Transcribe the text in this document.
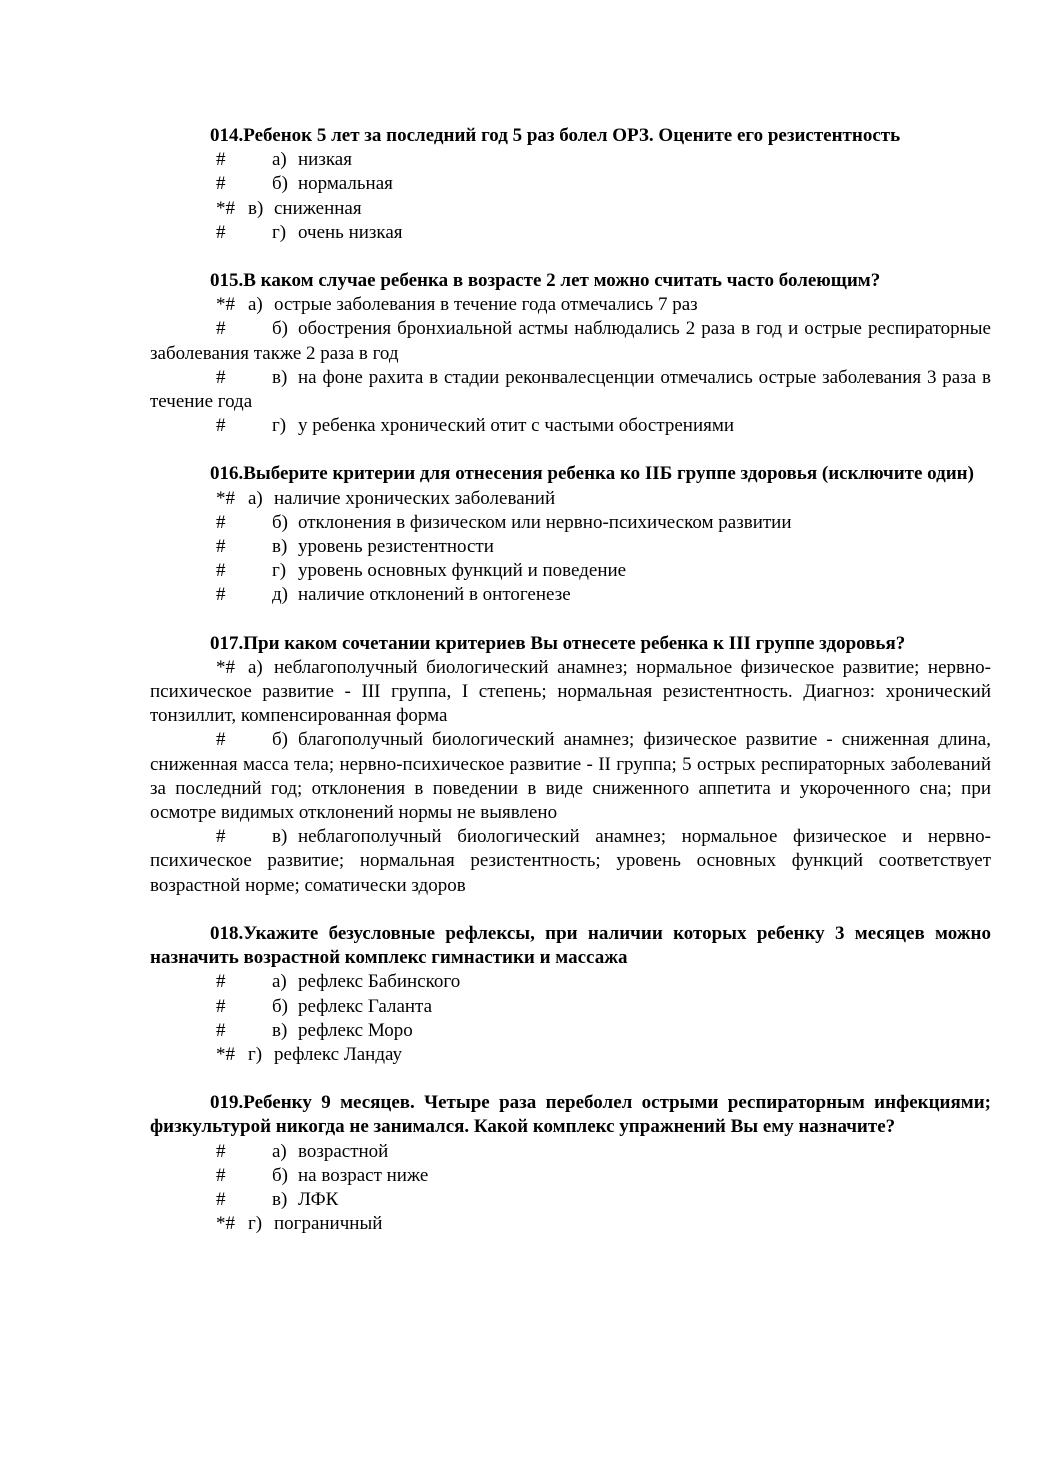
014.Ребенок 5 лет за последний год 5 раз болел ОРЗ. Оцените его резистентность
# а) низкая
# б) нормальная
*# в) сниженная
# г) очень низкая
015.В каком случае ребенка в возрасте 2 лет можно считать часто болеющим?
*# а) острые заболевания в течение года отмечались 7 раз
# б) обострения бронхиальной астмы наблюдались 2 раза в год и острые респираторные заболевания также 2 раза в год
# в) на фоне рахита в стадии реконвалесценции отмечались острые заболевания 3 раза в течение года
# г) у ребенка хронический отит с частыми обострениями
016.Выберите критерии для отнесения ребенка ко IIБ группе здоровья (исключите один)
*# а) наличие хронических заболеваний
# б) отклонения в физическом или нервно-психическом развитии
# в) уровень резистентности
# г) уровень основных функций и поведение
# д) наличие отклонений в онтогенезе
017.При каком сочетании критериев Вы отнесете ребенка к III группе здоровья?
*# а) неблагополучный биологический анамнез; нормальное физическое развитие; нервно-психическое развитие - III группа, I степень; нормальная резистентность. Диагноз: хронический тонзиллит, компенсированная форма
# б) благополучный биологический анамнез; физическое развитие - сниженная длина, сниженная масса тела; нервно-психическое развитие - II группа; 5 острых респираторных заболеваний за последний год; отклонения в поведении в виде сниженного аппетита и укороченного сна; при осмотре видимых отклонений нормы не выявлено
# в) неблагополучный биологический анамнез; нормальное физическое и нервно-психическое развитие; нормальная резистентность; уровень основных функций соответствует возрастной норме; соматически здоров
018.Укажите безусловные рефлексы, при наличии которых ребенку 3 месяцев можно назначить возрастной комплекс гимнастики и массажа
# а) рефлекс Бабинского
# б) рефлекс Галанта
# в) рефлекс Моро
*# г) рефлекс Ландау
019.Ребенку 9 месяцев. Четыре раза переболел острыми респираторным инфекциями; физкультурой никогда не занимался. Какой комплекс упражнений Вы ему назначите?
# а) возрастной
# б) на возраст ниже
# в) ЛФК
*# г) пограничный
